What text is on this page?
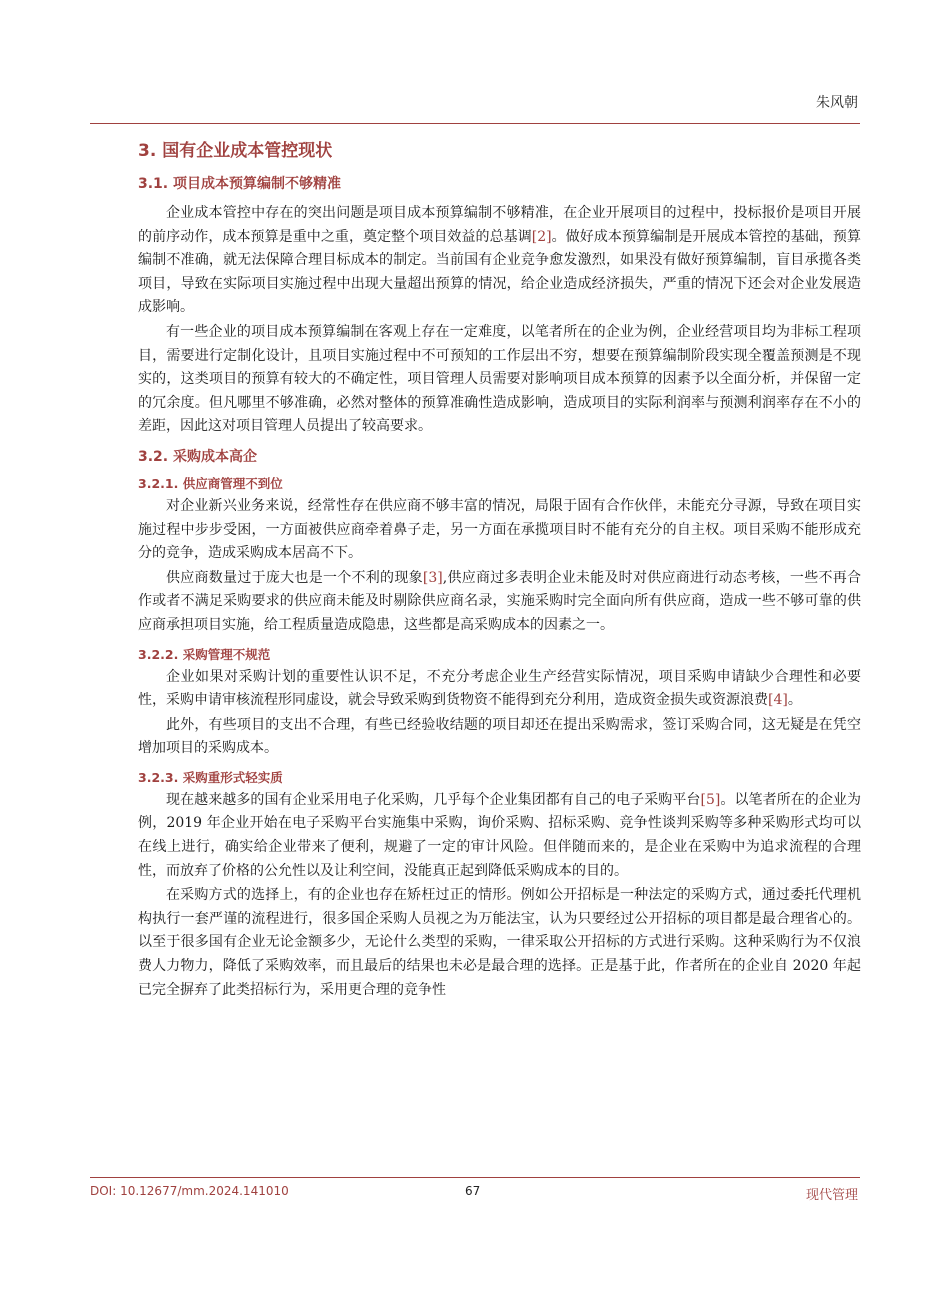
朱风朝
3. 国有企业成本管控现状
3.1. 项目成本预算编制不够精准

企业成本管控中存在的突出问题是项目成本预算编制不够精准，在企业开展项目的过程中，投标报价是项目开展的前序动作，成本预算是重中之重，奠定整个项目效益的总基调[2]。做好成本预算编制是开展成本管控的基础，预算编制不准确，就无法保障合理目标成本的制定。当前国有企业竞争愈发激烈，如果没有做好预算编制，盲目承揽各类项目，导致在实际项目实施过程中出现大量超出预算的情况，给企业造成经济损失，严重的情况下还会对企业发展造成影响。

有一些企业的项目成本预算编制在客观上存在一定难度，以笔者所在的企业为例，企业经营项目均为非标工程项目，需要进行定制化设计，且项目实施过程中不可预知的工作层出不穷，想要在预算编制阶段实现全覆盖预测是不现实的，这类项目的预算有较大的不确定性，项目管理人员需要对影响项目成本预算的因素予以全面分析，并保留一定的冗余度。但凡哪里不够准确，必然对整体的预算准确性造成影响，造成项目的实际利润率与预测利润率存在不小的差距，因此这对项目管理人员提出了较高要求。

3.2. 采购成本高企
3.2.1. 供应商管理不到位

对企业新兴业务来说，经常性存在供应商不够丰富的情况，局限于固有合作伙伴，未能充分寻源，导致在项目实施过程中步步受困，一方面被供应商牵着鼻子走，另一方面在承揽项目时不能有充分的自主权。项目采购不能形成充分的竞争，造成采购成本居高不下。

供应商数量过于庞大也是一个不利的现象[3],供应商过多表明企业未能及时对供应商进行动态考核，一些不再合作或者不满足采购要求的供应商未能及时剔除供应商名录，实施采购时完全面向所有供应商，造成一些不够可靠的供应商承担项目实施，给工程质量造成隐患，这些都是高采购成本的因素之一。

3.2.2. 采购管理不规范

企业如果对采购计划的重要性认识不足，不充分考虑企业生产经营实际情况，项目采购申请缺少合理性和必要性，采购申请审核流程形同虚设，就会导致采购到货物资不能得到充分利用，造成资金损失或资源浪费[4]。

此外，有些项目的支出不合理，有些已经验收结题的项目却还在提出采购需求，签订采购合同，这无疑是在凭空增加项目的采购成本。

3.2.3. 采购重形式轻实质

现在越来越多的国有企业采用电子化采购，几乎每个企业集团都有自己的电子采购平台[5]。以笔者所在的企业为例，2019 年企业开始在电子采购平台实施集中采购，询价采购、招标采购、竞争性谈判采购等多种采购形式均可以在线上进行，确实给企业带来了便利，规避了一定的审计风险。但伴随而来的，是企业在采购中为追求流程的合理性，而放弃了价格的公允性以及让利空间，没能真正起到降低采购成本的目的。

在采购方式的选择上，有的企业也存在矫枉过正的情形。例如公开招标是一种法定的采购方式，通过委托代理机构执行一套严谨的流程进行，很多国企采购人员视之为万能法宝，认为只要经过公开招标的项目都是最合理省心的。以至于很多国有企业无论金额多少，无论什么类型的采购，一律采取公开招标的方式进行采购。这种采购行为不仅浪费人力物力，降低了采购效率，而且最后的结果也未必是最合理的选择。正是基于此，作者所在的企业自 2020 年起已完全摒弃了此类招标行为，采用更合理的竞争性

DOI: 10.12677/mm.2024.141010	67	现代管理
